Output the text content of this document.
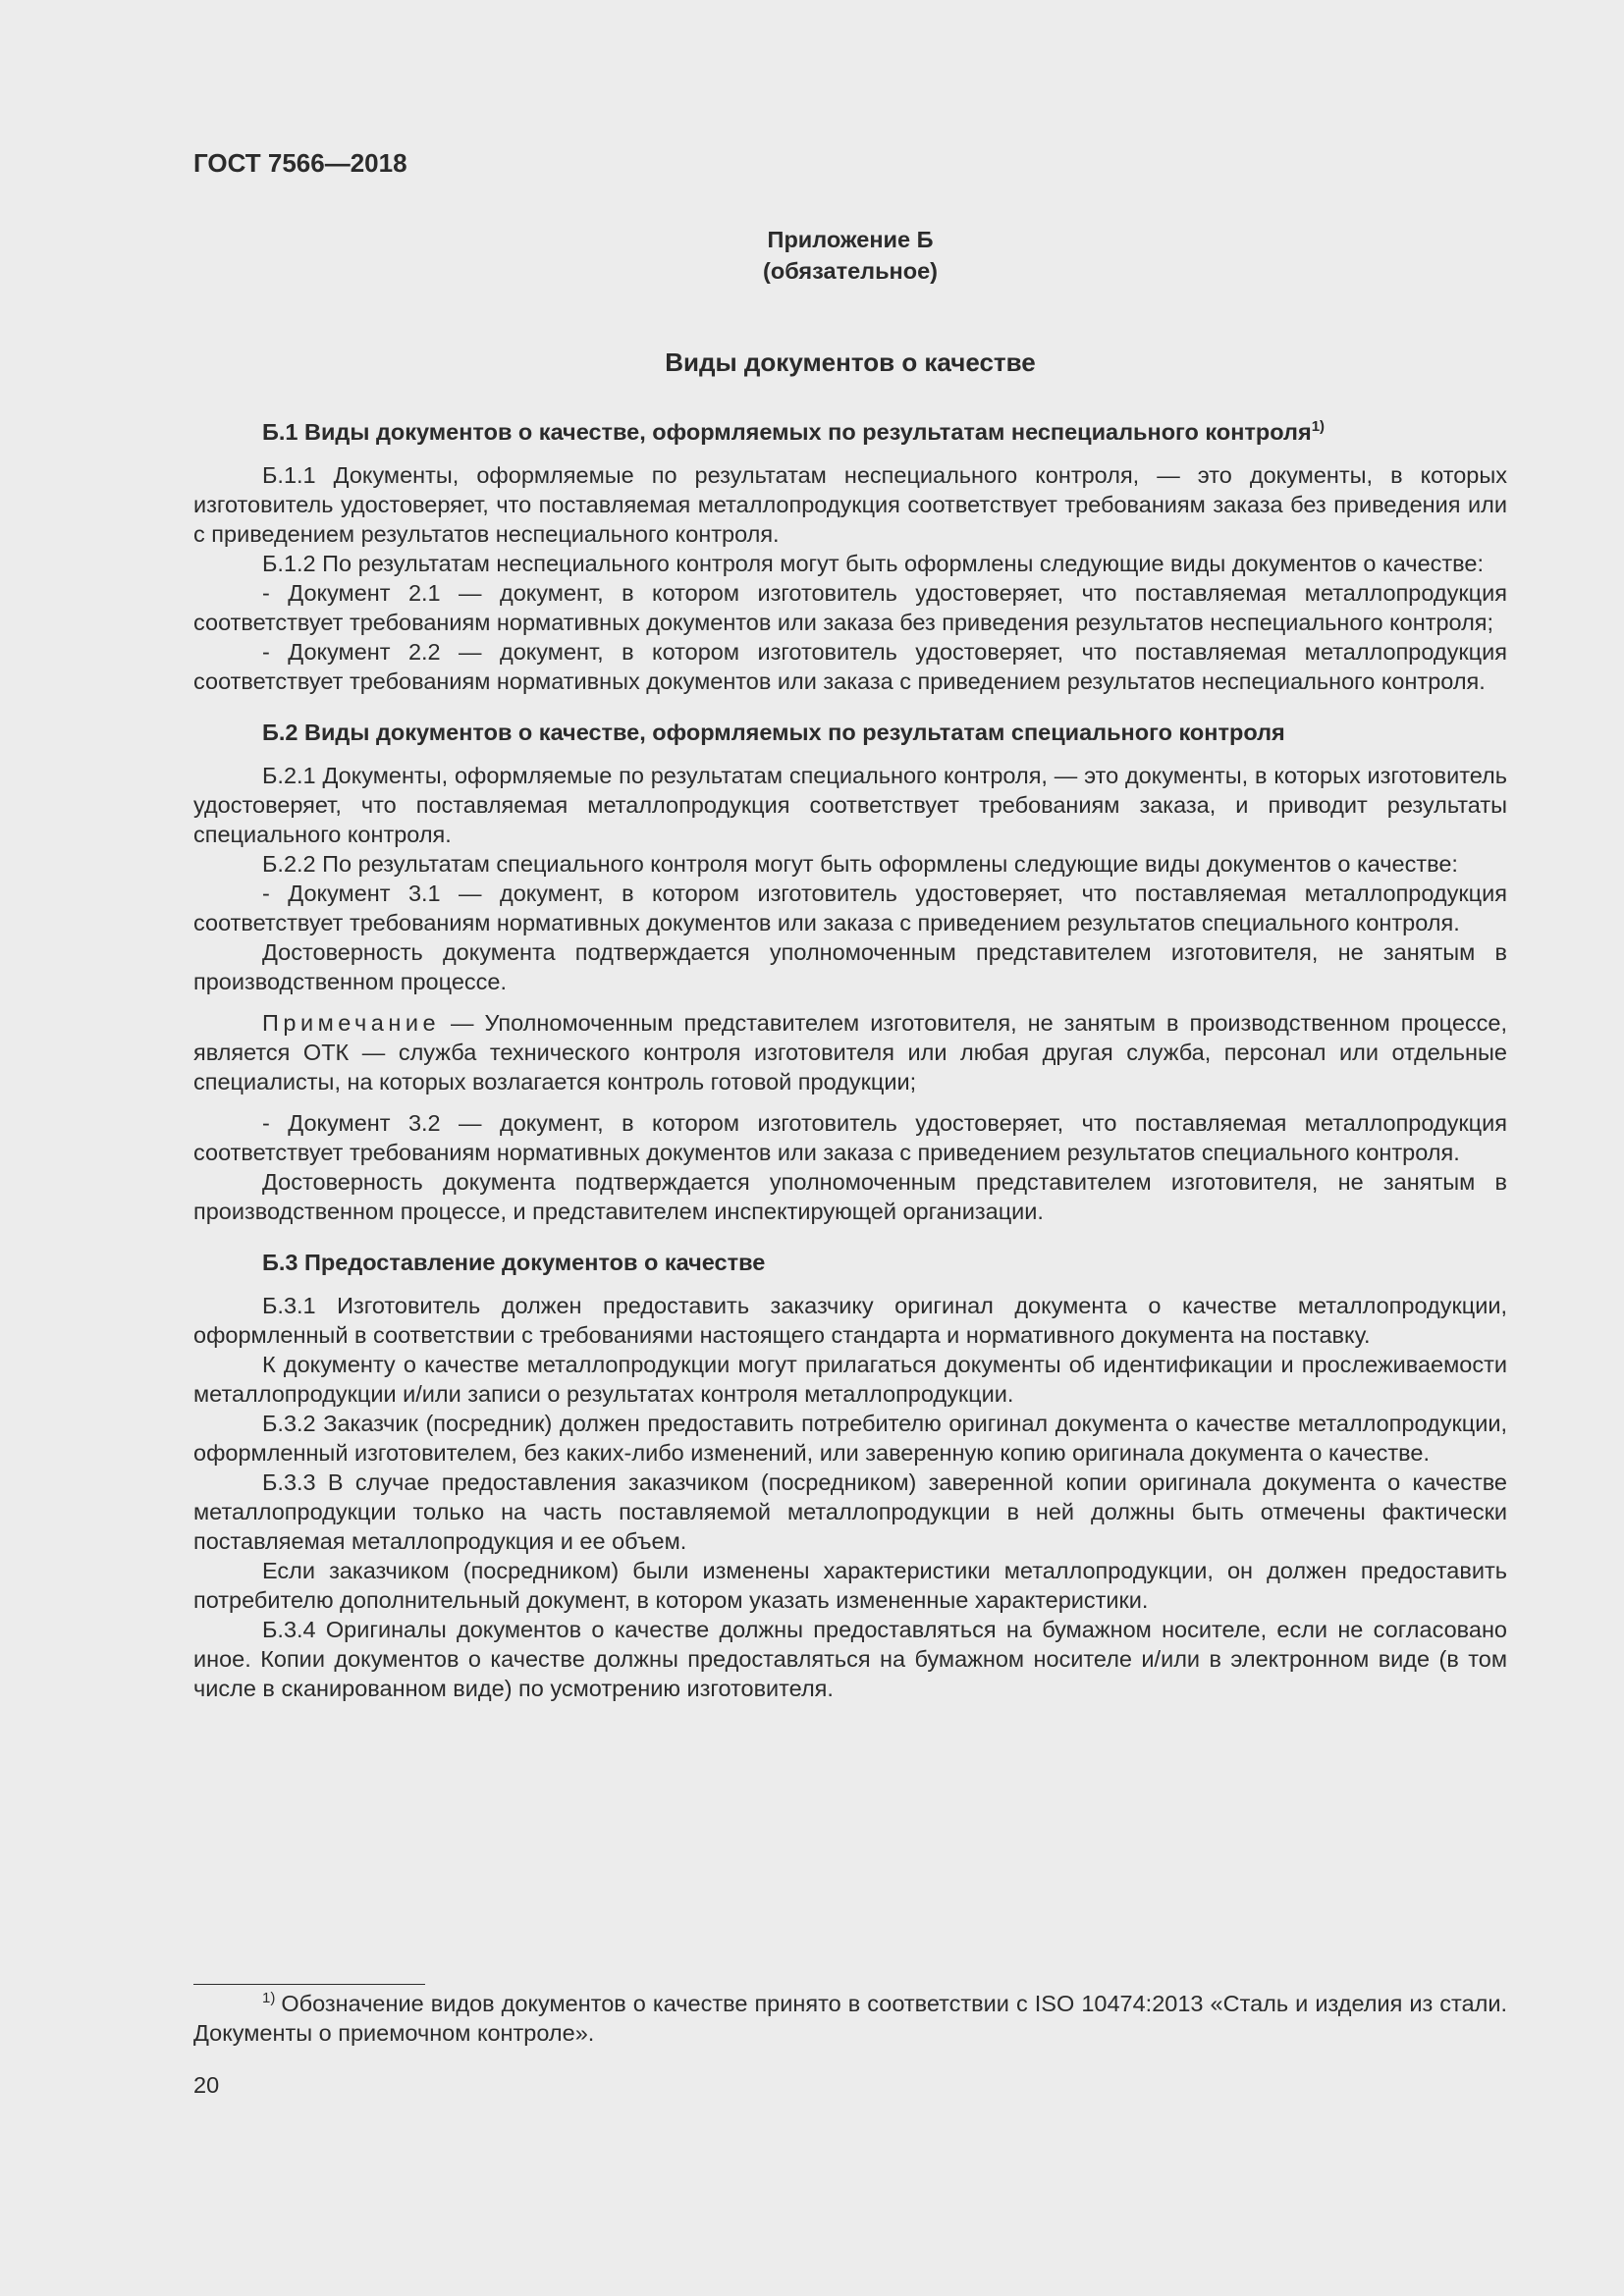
ГОСТ 7566—2018

Приложение Б
(обязательное)

Виды документов о качестве

Б.1 Виды документов о качестве, оформляемых по результатам неспециального контроля$^{1)}$

Б.1.1 Документы, оформляемые по результатам неспециального контроля, — это документы, в которых изготовитель удостоверяет, что поставляемая металлопродукция соответствует требованиям заказа без приведения или с приведением результатов неспециального контроля.

Б.1.2 По результатам неспециального контроля могут быть оформлены следующие виды документов о качестве:

- Документ 2.1 — документ, в котором изготовитель удостоверяет, что поставляемая металлопродукция соответствует требованиям нормативных документов или заказа без приведения результатов неспециального контроля;

- Документ 2.2 — документ, в котором изготовитель удостоверяет, что поставляемая металлопродукция соответствует требованиям нормативных документов или заказа с приведением результатов неспециального контроля.

Б.2 Виды документов о качестве, оформляемых по результатам специального контроля

Б.2.1 Документы, оформляемые по результатам специального контроля, — это документы, в которых изготовитель удостоверяет, что поставляемая металлопродукция соответствует требованиям заказа, и приводит результаты специального контроля.

Б.2.2 По результатам специального контроля могут быть оформлены следующие виды документов о качестве:

- Документ 3.1 — документ, в котором изготовитель удостоверяет, что поставляемая металлопродукция соответствует требованиям нормативных документов или заказа с приведением результатов специального контроля.

Достоверность документа подтверждается уполномоченным представителем изготовителя, не занятым в производственном процессе.

Примечание — Уполномоченным представителем изготовителя, не занятым в производственном процессе, является ОТК — служба технического контроля изготовителя или любая другая служба, персонал или отдельные специалисты, на которых возлагается контроль готовой продукции;

- Документ 3.2 — документ, в котором изготовитель удостоверяет, что поставляемая металлопродукция соответствует требованиям нормативных документов или заказа с приведением результатов специального контроля.

Достоверность документа подтверждается уполномоченным представителем изготовителя, не занятым в производственном процессе, и представителем инспектирующей организации.

Б.3 Предоставление документов о качестве

Б.3.1 Изготовитель должен предоставить заказчику оригинал документа о качестве металлопродукции, оформленный в соответствии с требованиями настоящего стандарта и нормативного документа на поставку.

К документу о качестве металлопродукции могут прилагаться документы об идентификации и прослеживаемости металлопродукции и/или записи о результатах контроля металлопродукции.

Б.3.2 Заказчик (посредник) должен предоставить потребителю оригинал документа о качестве металлопродукции, оформленный изготовителем, без каких-либо изменений, или заверенную копию оригинала документа о качестве.

Б.3.3 В случае предоставления заказчиком (посредником) заверенной копии оригинала документа о качестве металлопродукции только на часть поставляемой металлопродукции в ней должны быть отмечены фактически поставляемая металлопродукция и ее объем.

Если заказчиком (посредником) были изменены характеристики металлопродукции, он должен предоставить потребителю дополнительный документ, в котором указать измененные характеристики.

Б.3.4 Оригиналы документов о качестве должны предоставляться на бумажном носителе, если не согласовано иное. Копии документов о качестве должны предоставляться на бумажном носителе и/или в электронном виде (в том числе в сканированном виде) по усмотрению изготовителя.

$^{1)}$ Обозначение видов документов о качестве принято в соответствии с ISO 10474:2013 «Сталь и изделия из стали. Документы о приемочном контроле».

20
